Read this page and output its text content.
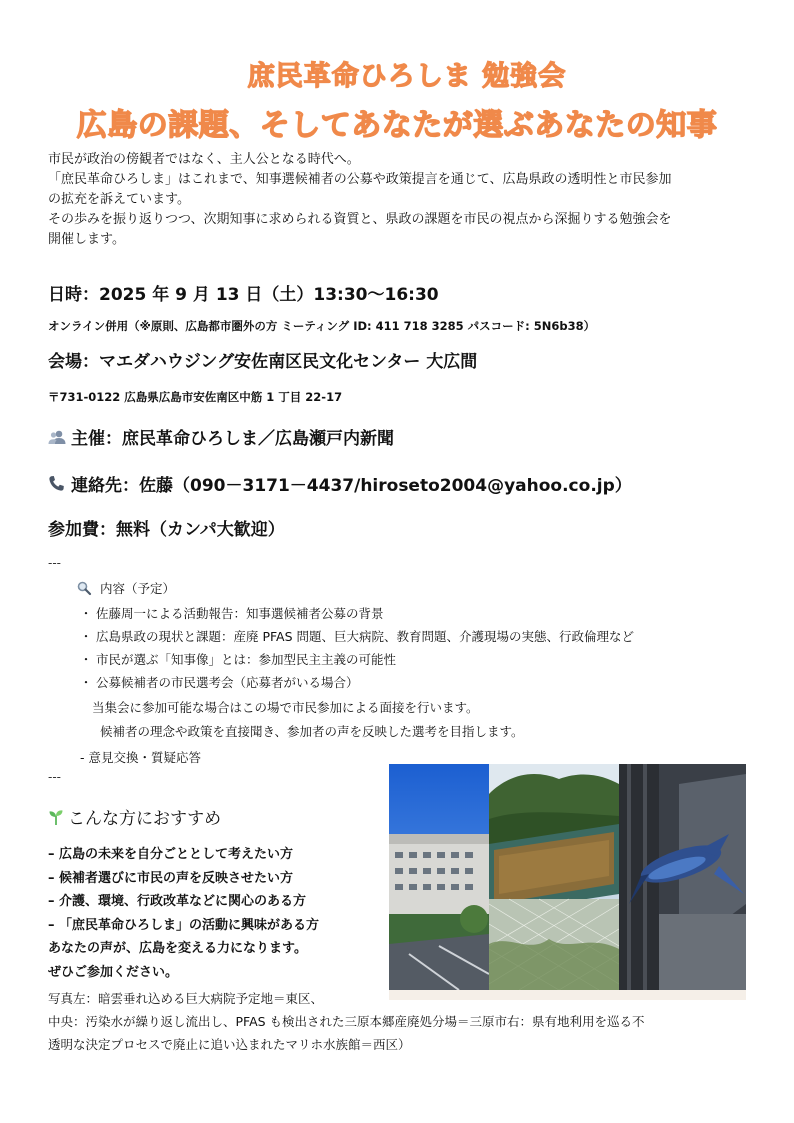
庶民革命ひろしま 勉強会
広島の課題、そしてあなたが選ぶあなたの知事

市民が政治の傍観者ではなく、主人公となる時代へ。

「庶民革命ひろしま」はこれまで、知事選候補者の公募や政策提言を通じて、広島県政の透明性と市民参加

の拡充を訴えています。

その歩みを振り返りつつ、次期知事に求められる資質と、県政の課題を市民の視点から深掘りする勉強会を

開催します。

日時：2025 年 9 月 13 日（土）13:30～16:30
オンライン併用（※原則、広島都市圏外の方 ミーティング ID: 411 718 3285 パスコード: 5N6b38）
会場：マエダハウジング安佐南区民文化センター 大広間
〒731-0122 広島県広島市安佐南区中筋 1 丁目 22-17
主催：庶民革命ひろしま／広島瀬戸内新聞
連絡先：佐藤（090－3171－4437/hiroseto2004@yahoo.co.jp）
参加費：無料（カンパ大歓迎）
---
内容（予定）
・ 佐藤周一による活動報告：知事選候補者公募の背景
・ 広島県政の現状と課題：産廃 PFAS 問題、巨大病院、教育問題、介護現場の実態、行政倫理など
・ 市民が選ぶ「知事像」とは：参加型民主主義の可能性
・ 公募候補者の市民選考会（応募者がいる場合）
当集会に参加可能な場合はこの場で市民参加による面接を行います。
候補者の理念や政策を直接聞き、参加者の声を反映した選考を目指します。
- 意見交換・質疑応答
---
こんな方におすすめ
– 広島の未来を自分ごととして考えたい方
– 候補者選びに市民の声を反映させたい方
– 介護、環境、行政改革などに関心のある方
– 「庶民革命ひろしま」の活動に興味がある方
あなたの声が、広島を変える力になります。
ぜひご参加ください。

写真左：暗雲垂れ込める巨大病院予定地＝東区、

中央：汚染水が繰り返し流出し、PFAS も検出された三原本郷産廃処分場＝三原市右：県有地利用を巡る不

透明な決定プロセスで廃止に追い込まれたマリホ水族館＝西区）
